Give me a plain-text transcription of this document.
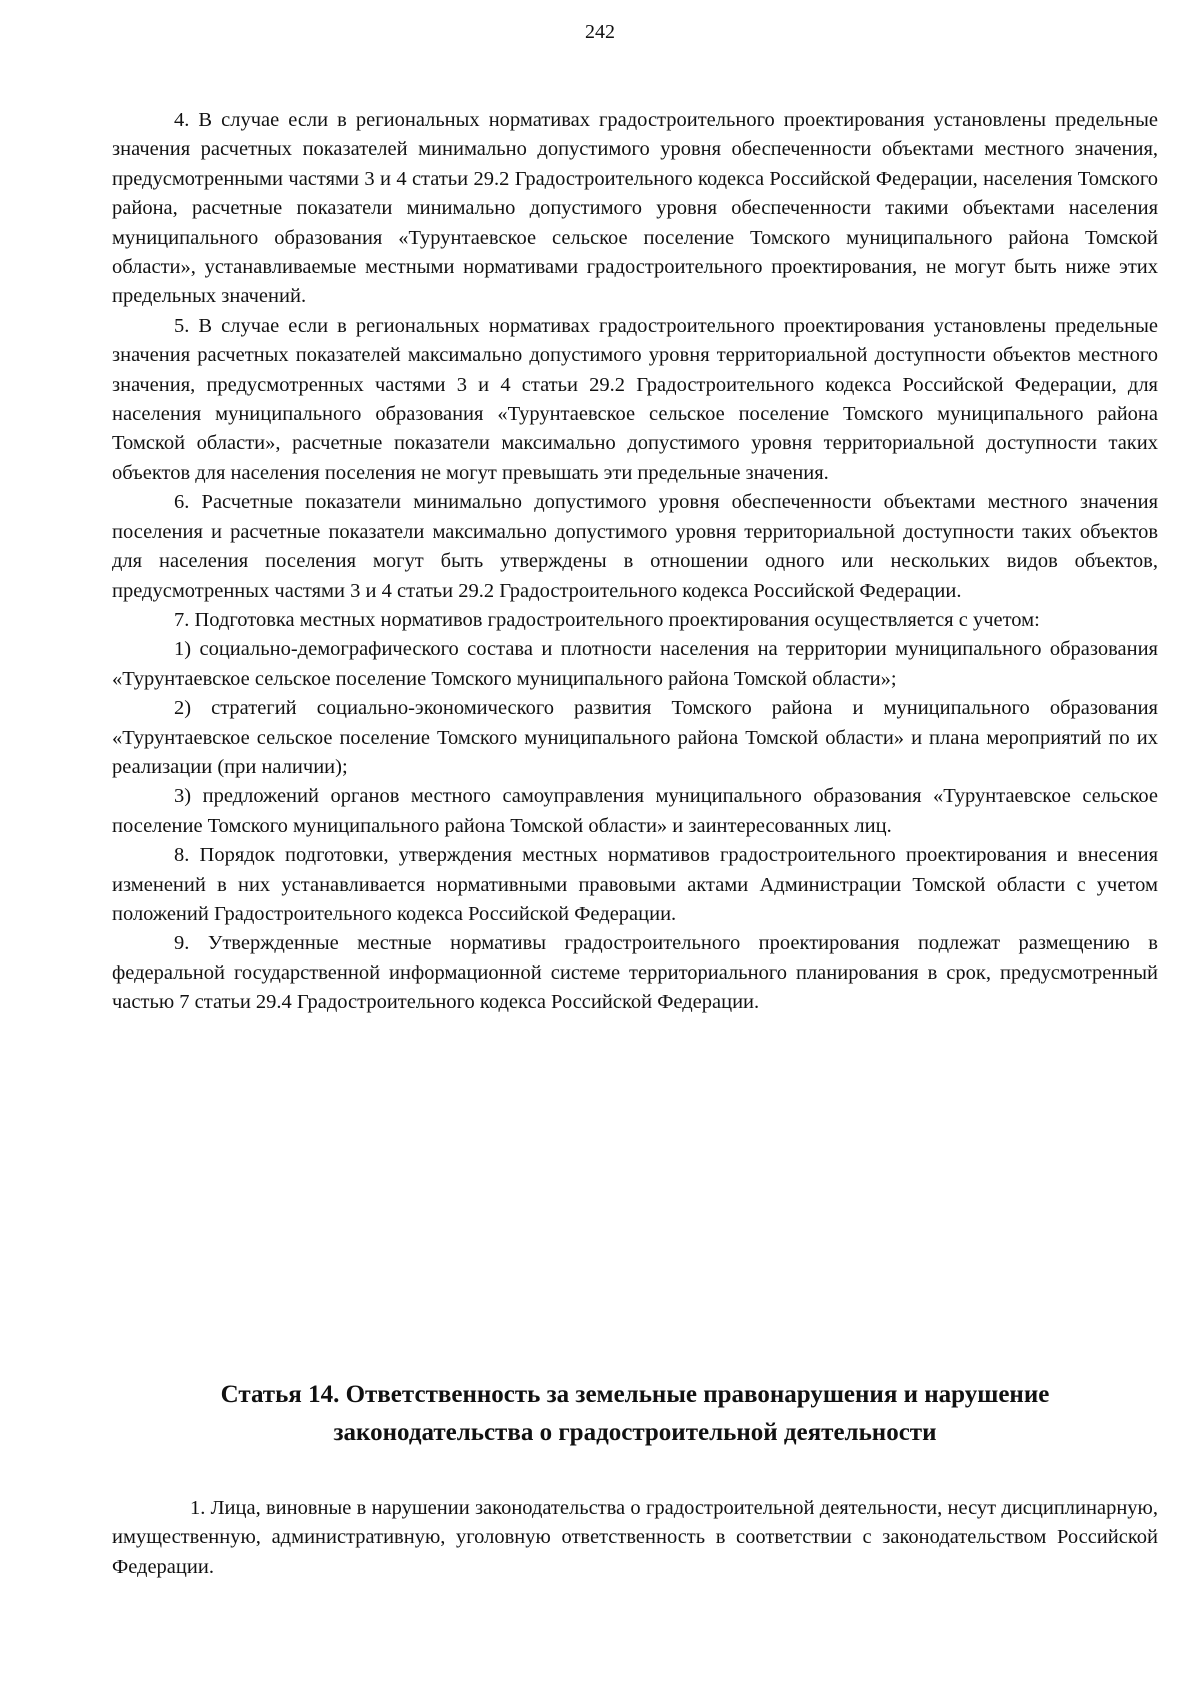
242

4. В случае если в региональных нормативах градостроительного проектирования установлены предельные значения расчетных показателей минимально допустимого уровня обеспеченности объектами местного значения, предусмотренными частями 3 и 4 статьи 29.2 Градостроительного кодекса Российской Федерации, населения Томского района, расчетные показатели минимально допустимого уровня обеспеченности такими объектами населения муниципального образования «Турунтаевское сельское поселение Томского муниципального района Томской области», устанавливаемые местными нормативами градостроительного проектирования, не могут быть ниже этих предельных значений.

5. В случае если в региональных нормативах градостроительного проектирования установлены предельные значения расчетных показателей максимально допустимого уровня территориальной доступности объектов местного значения, предусмотренных частями 3 и 4 статьи 29.2 Градостроительного кодекса Российской Федерации, для населения муниципального образования «Турунтаевское сельское поселение Томского муниципального района Томской области», расчетные показатели максимально допустимого уровня территориальной доступности таких объектов для населения поселения не могут превышать эти предельные значения.

6. Расчетные показатели минимально допустимого уровня обеспеченности объектами местного значения поселения и расчетные показатели максимально допустимого уровня территориальной доступности таких объектов для населения поселения могут быть утверждены в отношении одного или нескольких видов объектов, предусмотренных частями 3 и 4 статьи 29.2 Градостроительного кодекса Российской Федерации.

7. Подготовка местных нормативов градостроительного проектирования осуществляется с учетом:

1) социально-демографического состава и плотности населения на территории муниципального образования «Турунтаевское сельское поселение Томского муниципального района Томской области»;

2) стратегий социально-экономического развития Томского района и муниципального образования «Турунтаевское сельское поселение Томского муниципального района Томской области» и плана мероприятий по их реализации (при наличии);

3) предложений органов местного самоуправления муниципального образования «Турунтаевское сельское поселение Томского муниципального района Томской области» и заинтересованных лиц.

8. Порядок подготовки, утверждения местных нормативов градостроительного проектирования и внесения изменений в них устанавливается нормативными правовыми актами Администрации Томской области с учетом положений Градостроительного кодекса Российской Федерации.

9. Утвержденные местные нормативы градостроительного проектирования подлежат размещению в федеральной государственной информационной системе территориального планирования в срок, предусмотренный частью 7 статьи 29.4 Градостроительного кодекса Российской Федерации.

Статья 14. Ответственность за земельные правонарушения и нарушение

законодательства о градостроительной деятельности

1. Лица, виновные в нарушении законодательства о градостроительной деятельности, несут дисциплинарную, имущественную, административную, уголовную ответственность в соответствии с законодательством Российской Федерации.
